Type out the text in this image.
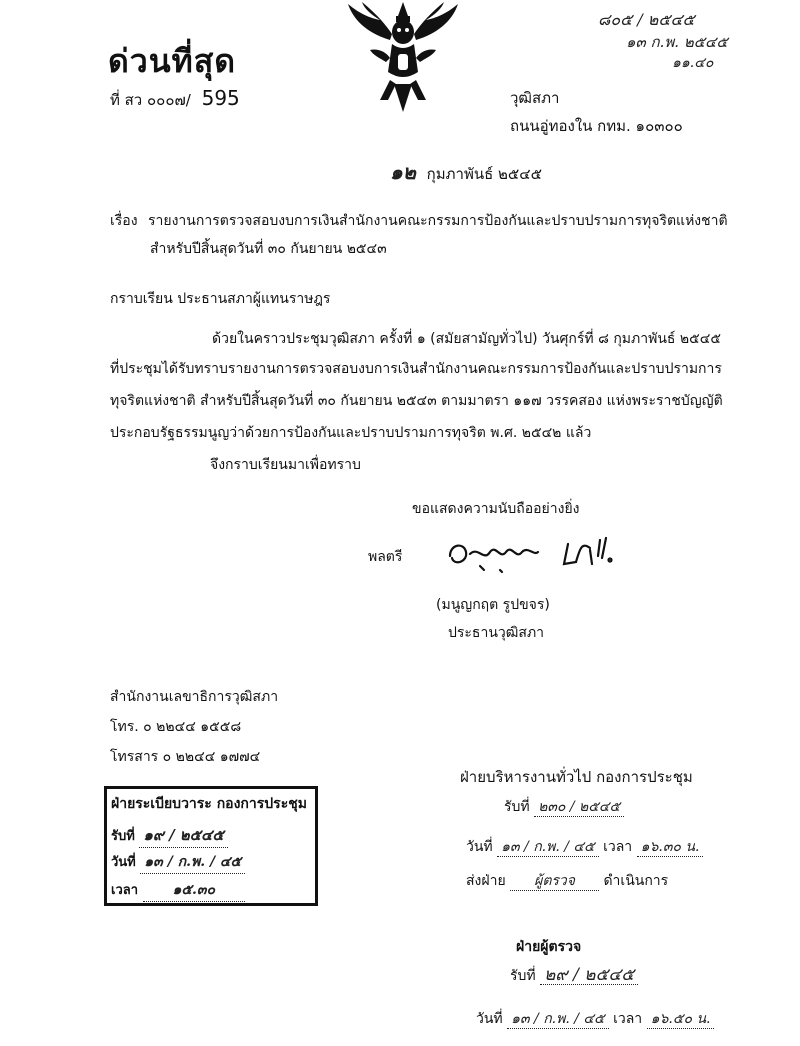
ด่วนที่สุด
ที่ สว ๐๐๐๗/ 595	วุฒิสภา
ถนนอู่ทองใน กทม. ๑๐๓๐๐
๘๐๕ / ๒๕๔๕
๑๓ ก.พ. ๒๕๔๕
๑๑.๔๐
๑๒ กุมภาพันธ์ ๒๕๔๕
เรื่อง รายงานการตรวจสอบงบการเงินสำนักงานคณะกรรมการป้องกันและปราบปรามการทุจริตแห่งชาติ
สำหรับปีสิ้นสุดวันที่ ๓๐ กันยายน ๒๕๔๓
กราบเรียน ประธานสภาผู้แทนราษฎร
ด้วยในคราวประชุมวุฒิสภา ครั้งที่ ๑ (สมัยสามัญทั่วไป) วันศุกร์ที่ ๘ กุมภาพันธ์ ๒๕๔๕
ที่ประชุมได้รับทราบรายงานการตรวจสอบงบการเงินสำนักงานคณะกรรมการป้องกันและปราบปรามการ
ทุจริตแห่งชาติ สำหรับปีสิ้นสุดวันที่ ๓๐ กันยายน ๒๕๔๓ ตามมาตรา ๑๑๗ วรรคสอง แห่งพระราชบัญญัติ
ประกอบรัฐธรรมนูญว่าด้วยการป้องกันและปราบปรามการทุจริต พ.ศ. ๒๕๔๒ แล้ว
จึงกราบเรียนมาเพื่อทราบ
ขอแสดงความนับถืออย่างยิ่ง
พลตรี
(มนูญกฤต รูปขจร)
ประธานวุฒิสภา
สำนักงานเลขาธิการวุฒิสภา
โทร. ๐ ๒๒๔๔ ๑๕๕๘
โทรสาร ๐ ๒๒๔๔ ๑๗๗๔
ฝ่ายระเบียบวาระ กองการประชุม
รับที่ ๑๙ / ๒๕๔๕
วันที่ ๑๓ / ก.พ. / ๔๕
เวลา ๑๕.๓๐
ฝ่ายบริหารงานทั่วไป กองการประชุม
รับที่ ๒๓๐ / ๒๕๔๕
วันที่ ๑๓ / ก.พ. / ๔๕ เวลา ๑๖.๓๐ น.
ส่งฝ่าย ผู้ตรวจ ดำเนินการ
ฝ่ายผู้ตรวจ
รับที่ ๒๙ / ๒๕๔๕
วันที่ ๑๓ / ก.พ. / ๔๕ เวลา ๑๖.๕๐ น.
